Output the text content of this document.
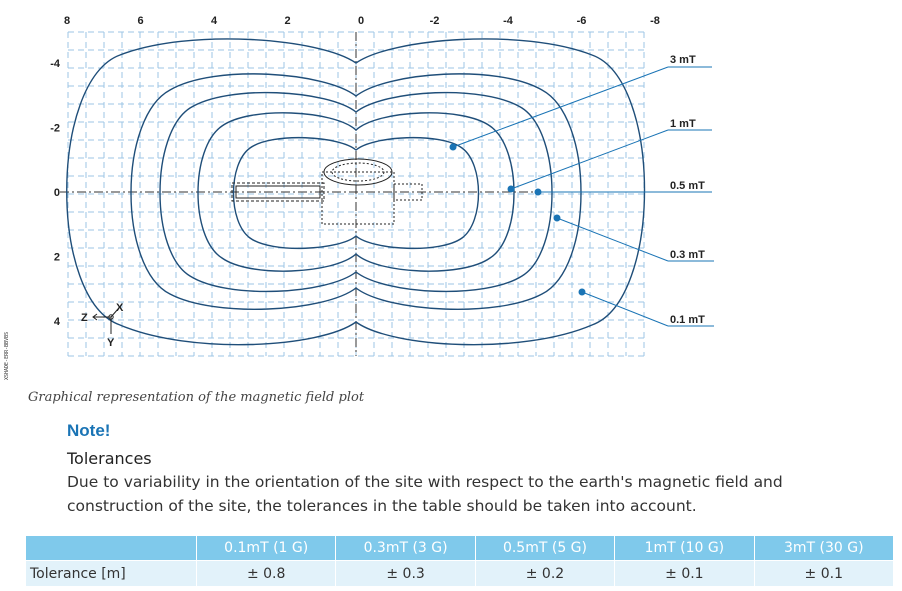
8	6	4	2	0	-2	-4	-6	-8
-4
-2
0
2
4
3 mT
1 mT
0.5 mT
0.3 mT
0.1 mT
Z
X
Y
XSHADE-ERR-BBVBS
Graphical representation of the magnetic field plot
Note!
Tolerances
Due to variability in the orientation of the site with respect to the earth's magnetic field and construction of the site, the tolerances in the table should be taken into account.
	0.1mT (1 G)	0.3mT (3 G)	0.5mT (5 G)	1mT (10 G)	3mT (30 G)
Tolerance [m]	± 0.8	± 0.3	± 0.2	± 0.1	± 0.1
